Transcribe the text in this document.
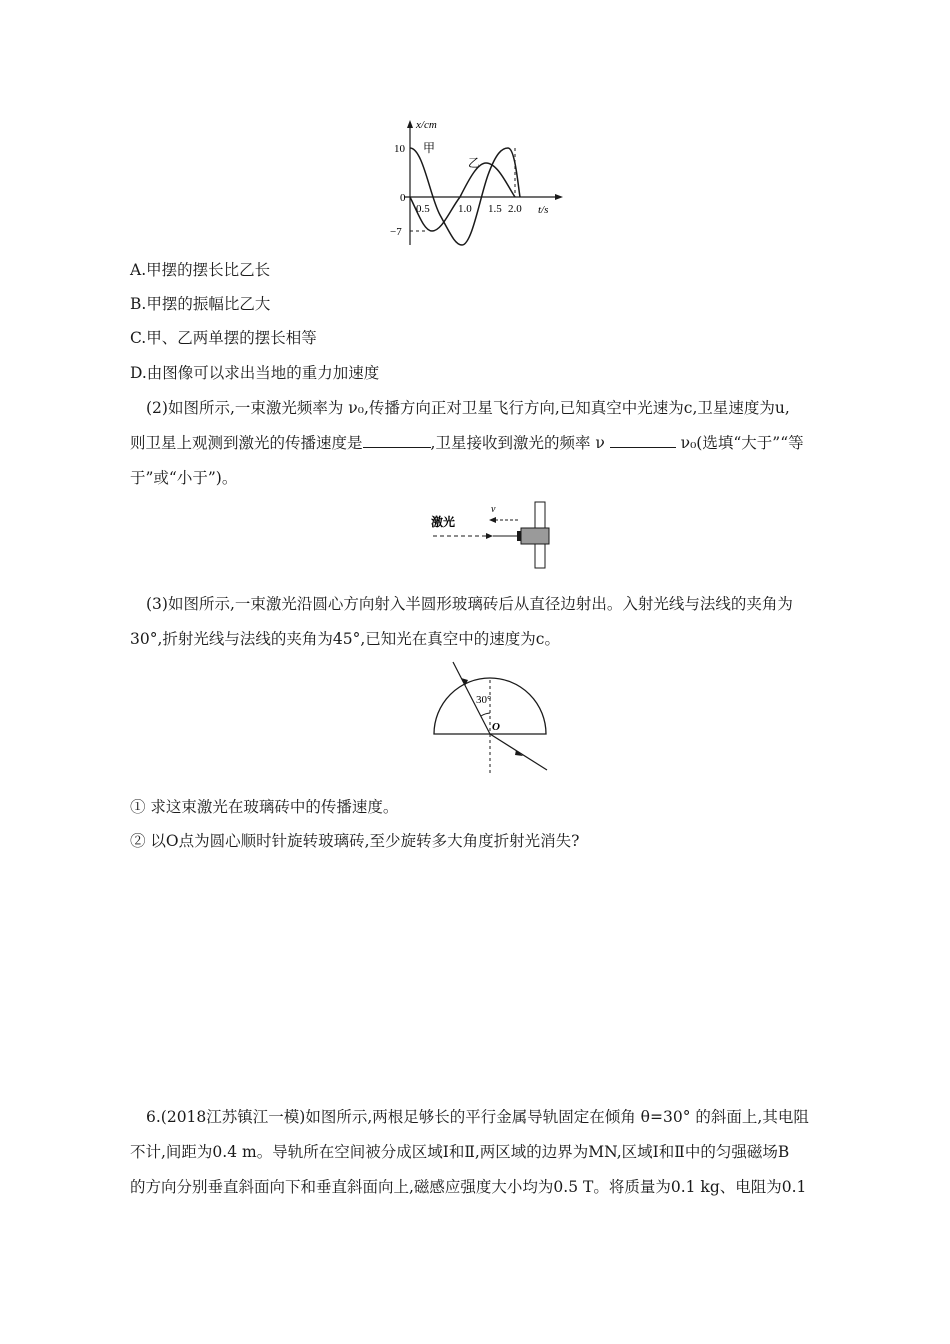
x/cm
t/s
10
0
−7
0.5	1.0 1.5 2.0
甲
乙
A.甲摆的摆长比乙长
B.甲摆的振幅比乙大
C.甲、乙两单摆的摆长相等
D.由图像可以求出当地的重力加速度
(2)如图所示,一束激光频率为 ν₀,传播方向正对卫星飞行方向,已知真空中光速为c,卫星速度为u,
则卫星上观测到激光的传播速度是	,卫星接收到激光的频率 ν	ν₀(选填“大于”“等
于”或“小于”)。
激光
v
(3)如图所示,一束激光沿圆心方向射入半圆形玻璃砖后从直径边射出。入射光线与法线的夹角为
30°,折射光线与法线的夹角为45°,已知光在真空中的速度为c。
30°
O
① 求这束激光在玻璃砖中的传播速度。
② 以O点为圆心顺时针旋转玻璃砖,至少旋转多大角度折射光消失?
6.(2018江苏镇江一模)如图所示,两根足够长的平行金属导轨固定在倾角 θ=30° 的斜面上,其电阻
不计,间距为0.4 m。导轨所在空间被分成区域Ⅰ和Ⅱ,两区域的边界为MN,区域Ⅰ和Ⅱ中的匀强磁场B
的方向分别垂直斜面向下和垂直斜面向上,磁感应强度大小均为0.5 T。将质量为0.1 kg、电阻为0.1
